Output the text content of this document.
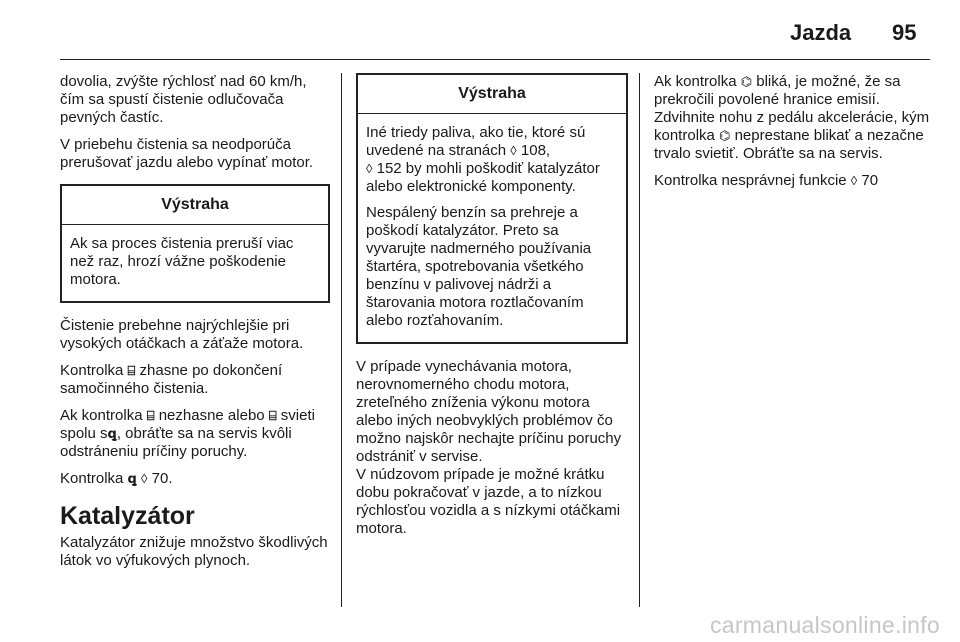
Jazda 95

dovolia, zvýšte rýchlosť nad 60 km/h, čím sa spustí čistenie odlučovača pevných častíc.

V priebehu čistenia sa neodporúča prerušovať jazdu alebo vypínať motor.

Výstraha

Ak sa proces čistenia preruší viac než raz, hrozí vážne poškodenie motora.

Čistenie prebehne najrýchlejšie pri vysokých otáčkach a záťaže motora.

Kontrolka ⌸ zhasne po dokončení samočinného čistenia.

Ak kontrolka ⌸ nezhasne alebo ⌸ svieti spolu sꝗ, obráťte sa na servis kvôli odstráneniu príčiny poruchy.

Kontrolka ꝗ ◊ 70.

Katalyzátor

Katalyzátor znižuje množstvo škodlivých látok vo výfukových plynoch.

Výstraha

Iné triedy paliva, ako tie, ktoré sú uvedené na stranách ◊ 108,
◊ 152 by mohli poškodiť katalyzátor alebo elektronické komponenty.

Nespálený benzín sa prehreje a poškodí katalyzátor. Preto sa vyvarujte nadmerného používania štartéra, spotrebovania všetkého benzínu v palivovej nádrži a štarovania motora roztlačovaním alebo rozťahovaním.

V prípade vynechávania motora, nerovnomerného chodu motora, zreteľného zníženia výkonu motora alebo iných neobvyklých problémov čo možno najskôr nechajte príčinu poruchy odstrániť v servise.

V núdzovom prípade je možné krátku dobu pokračovať v jazde, a to nízkou rýchlosťou vozidla a s nízkymi otáčkami motora.

Ak kontrolka ⌬ bliká, je možné, že sa prekročili povolené hranice emisií. Zdvihnite nohu z pedálu akcelerácie, kým kontrolka ⌬ neprestane blikať a nezačne trvalo svietiť. Obráťte sa na servis.

Kontrolka nesprávnej funkcie ◊ 70

carmanualsonline.info
